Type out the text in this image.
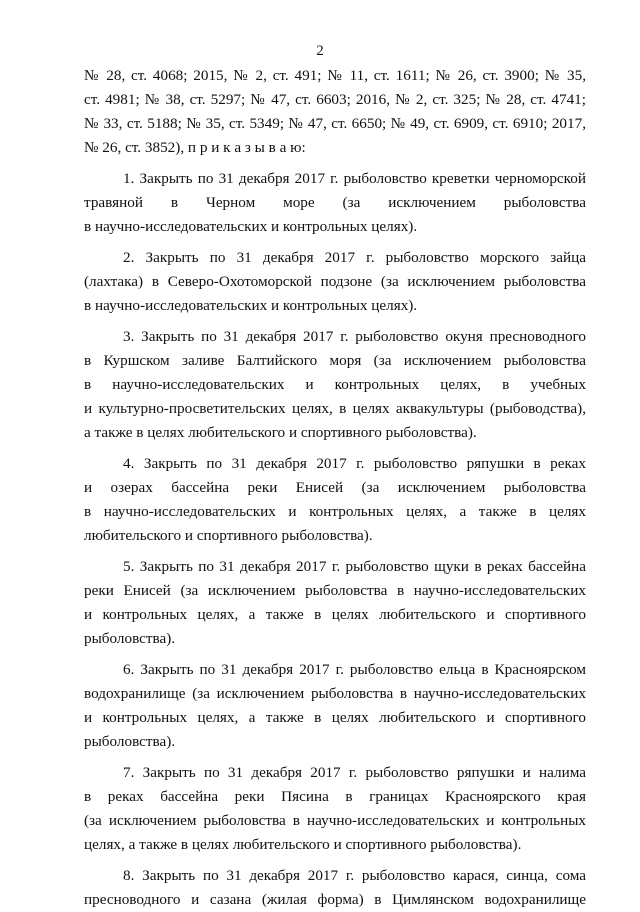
2
№ 28, ст. 4068; 2015, № 2, ст. 491; № 11, ст. 1611; № 26, ст. 3900; № 35,
ст. 4981; № 38, ст. 5297; № 47, ст. 6603; 2016, № 2, ст. 325; № 28, ст. 4741;
№ 33, ст. 5188; № 35, ст. 5349; № 47, ст. 6650; № 49, ст. 6909, ст. 6910; 2017,
№ 26, ст. 3852), п р и к а з ы в а ю:
1. Закрыть по 31 декабря 2017 г. рыболовство креветки черноморской
травяной в Черном море (за исключением рыболовства
в научно-исследовательских и контрольных целях).
2. Закрыть по 31 декабря 2017 г. рыболовство морского зайца
(лахтака) в Северо-Охотоморской подзоне (за исключением рыболовства
в научно-исследовательских и контрольных целях).
3. Закрыть по 31 декабря 2017 г. рыболовство окуня пресноводного
в Куршском заливе Балтийского моря (за исключением рыболовства
в научно-исследовательских и контрольных целях, в учебных
и культурно-просветительских целях, в целях аквакультуры (рыбоводства),
а также в целях любительского и спортивного рыболовства).
4. Закрыть по 31 декабря 2017 г. рыболовство ряпушки в реках
и озерах бассейна реки Енисей (за исключением рыболовства
в научно-исследовательских и контрольных целях, а также в целях
любительского и спортивного рыболовства).
5. Закрыть по 31 декабря 2017 г. рыболовство щуки в реках бассейна
реки Енисей (за исключением рыболовства в научно-исследовательских
и контрольных целях, а также в целях любительского и спортивного
рыболовства).
6. Закрыть по 31 декабря 2017 г. рыболовство ельца в Красноярском
водохранилище (за исключением рыболовства в научно-исследовательских
и контрольных целях, а также в целях любительского и спортивного
рыболовства).
7. Закрыть по 31 декабря 2017 г. рыболовство ряпушки и налима
в реках бассейна реки Пясина в границах Красноярского края
(за исключением рыболовства в научно-исследовательских и контрольных
целях, а также в целях любительского и спортивного рыболовства).
8. Закрыть по 31 декабря 2017 г. рыболовство карася, синца, сома
пресноводного и сазана (жилая форма) в Цимлянском водохранилище
